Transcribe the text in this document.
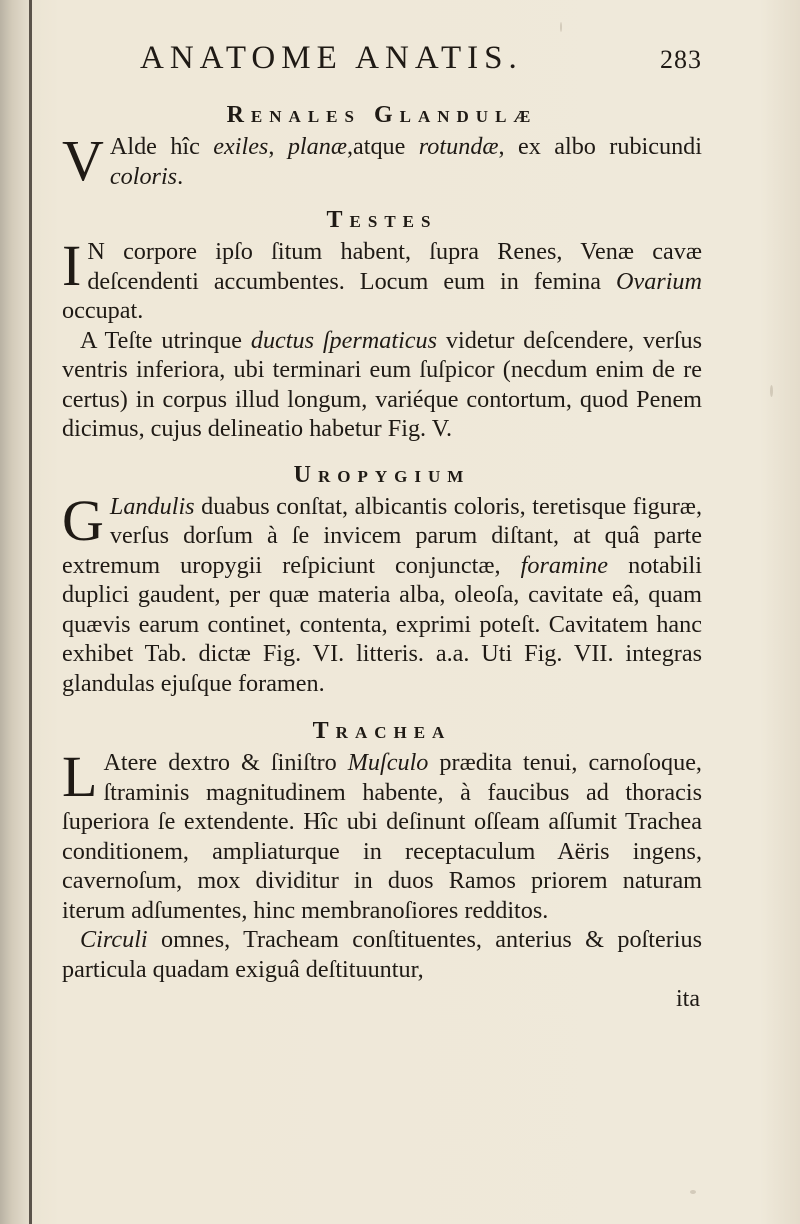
ANATOME ANATIS.	283
Renales Glandulæ

V Alde hîc exiles, planæ,atque rotundæ, ex albo rubicundi coloris.

Testes

I N corpore ipſo ſitum habent, ſupra Renes, Venæ cavæ deſcendenti accumbentes. Locum eum in femina Ovarium occupat.

A Teſte utrinque ductus ſpermaticus videtur deſcendere, verſus ventris inferiora, ubi terminari eum ſuſpicor (necdum enim de re certus) in corpus illud longum, variéque contortum, quod Penem dicimus, cujus delineatio habetur Fig. V.

Uropygium

G Landulis duabus conſtat, albicantis coloris, teretisque figuræ, verſus dorſum à ſe invicem parum diſtant, at quâ parte extremum uropygii reſpiciunt conjunctæ, foramine notabili duplici gaudent, per quæ materia alba, oleoſa, cavitate eâ, quam quævis earum continet, contenta, exprimi poteſt. Cavitatem hanc exhibet Tab. dictæ Fig. VI. litteris. a.a. Uti Fig. VII. integras glandulas ejuſque foramen.

Trachea

L Atere dextro & ſiniſtro Muſculo prædita tenui, carnoſoque, ſtraminis magnitudinem habente, à faucibus ad thoracis ſuperiora ſe extendente. Hîc ubi deſinunt oſſeam aſſumit Trachea conditionem, ampliaturque in receptaculum Aëris ingens, cavernoſum, mox dividitur in duos Ramos priorem naturam iterum adſumentes, hinc membranoſiores redditos.

Circuli omnes, Tracheam conſtituentes, anterius & poſterius particula quadam exiguâ deſtituuntur,

ita
